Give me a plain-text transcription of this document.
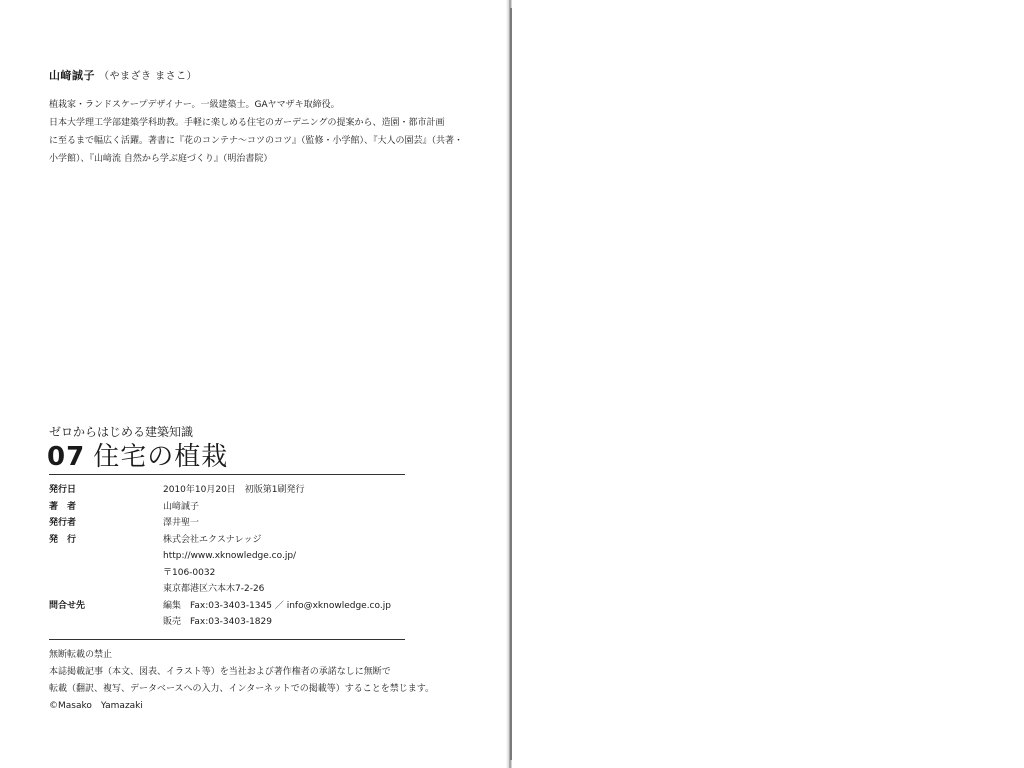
山﨑誠子 （やまざき まさこ）
植栽家・ランドスケープデザイナー。一級建築士。GAヤマザキ取締役。
日本大学理工学部建築学科助教。手軽に楽しめる住宅のガーデニングの提案から、造園・都市計画
に至るまで幅広く活躍。著書に『花のコンテナ～コツのコツ』（監修・小学館）、『大人の園芸』（共著・
小学館）、『山﨑流 自然から学ぶ庭づくり』（明治書院）
ゼロからはじめる建築知識
07 住宅の植栽
発行日	2010年10月20日　初版第1刷発行
著　者	山﨑誠子
発行者	澤井聖一
発　行	株式会社エクスナレッジ
http://www.xknowledge.co.jp/
〒106-0032
東京都港区六本木7-2-26
問合せ先	編集　Fax:03-3403-1345 ／ info@xknowledge.co.jp
販売　Fax:03-3403-1829
無断転載の禁止
本誌掲載記事（本文、図表、イラスト等）を当社および著作権者の承諾なしに無断で
転載（翻訳、複写、データベースへの入力、インターネットでの掲載等）することを禁じます。
©Masako　Yamazaki
